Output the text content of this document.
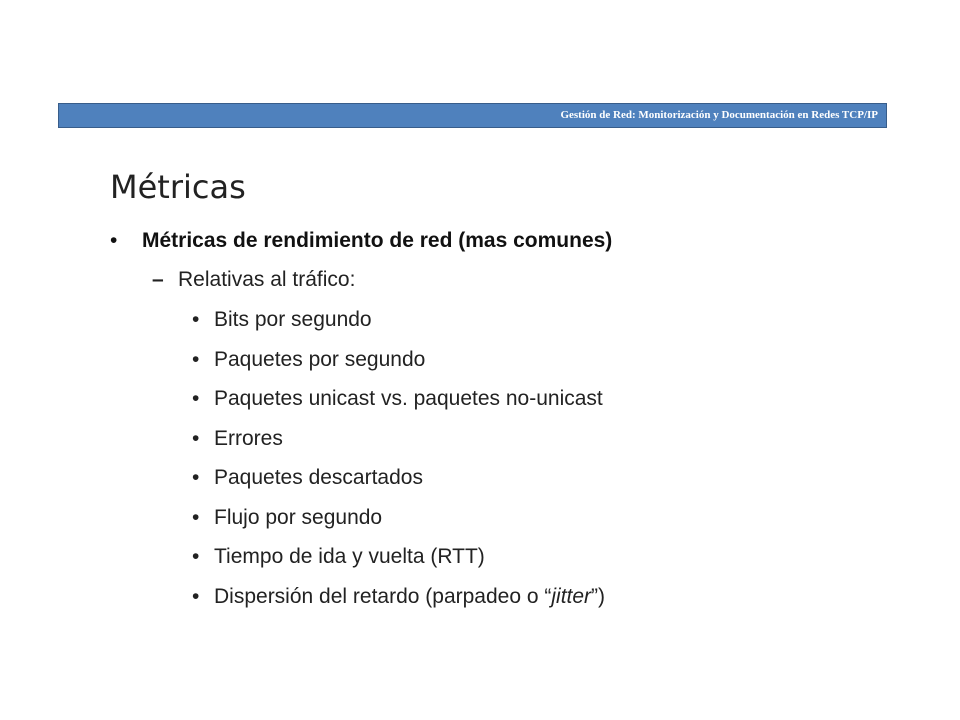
Gestión de Red: Monitorización y Documentación en Redes TCP/IP
Métricas
• Métricas de rendimiento de red (mas comunes)
– Relativas al tráfico:
• Bits por segundo
• Paquetes por segundo
• Paquetes unicast vs. paquetes no-unicast
• Errores
• Paquetes descartados
• Flujo por segundo
• Tiempo de ida y vuelta (RTT)
• Dispersión del retardo (parpadeo o “jitter”)
